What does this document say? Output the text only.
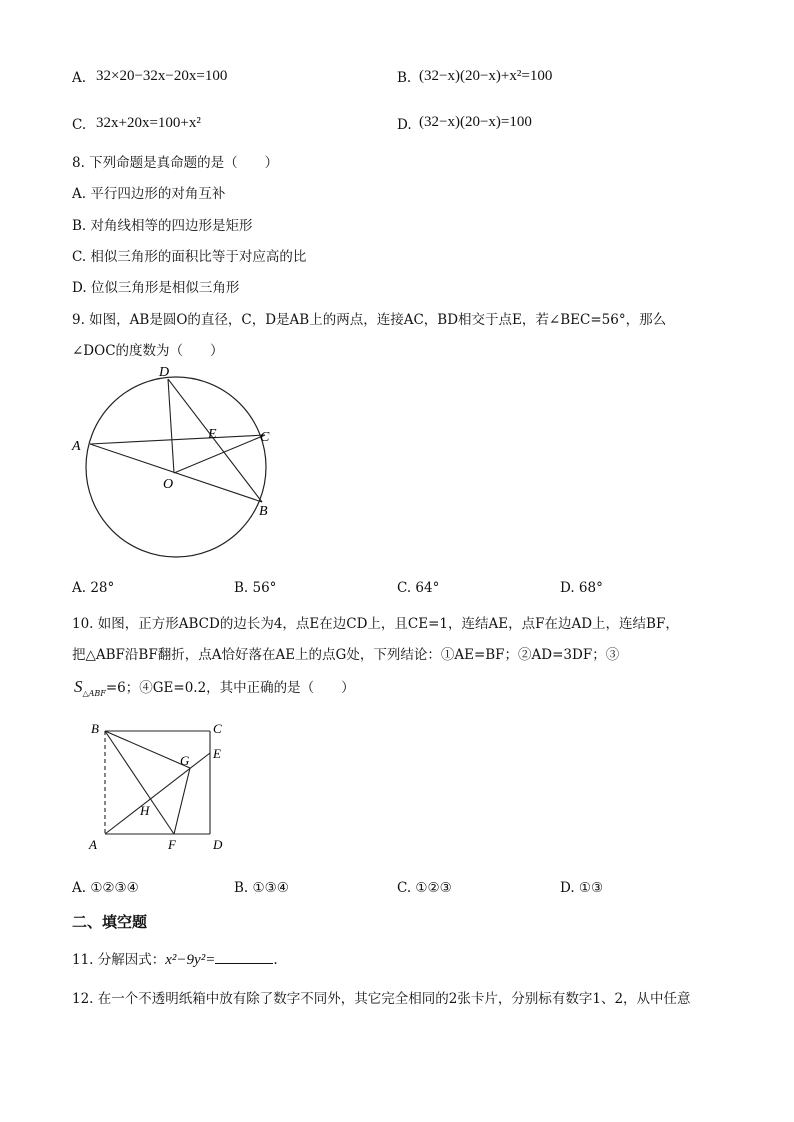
A. 32×20−32x−20x=100	B. (32−x)(20−x)+x²=100
C. 32x+20x=100+x²	D. (32−x)(20−x)=100
8. 下列命题是真命题的是（　　）
A. 平行四边形的对角互补
B. 对角线相等的四边形是矩形
C. 相似三角形的面积比等于对应高的比
D. 位似三角形是相似三角形
9. 如图，AB是圆O的直径，C，D是AB上的两点，连接AC，BD相交于点E，若∠BEC=56°，那么
∠DOC的度数为（　　）
D
A
C
E
O
B
A. 28°	B. 56°	C. 64°	D. 68°
10. 如图，正方形ABCD的边长为4，点E在边CD上，且CE=1，连结AE，点F在边AD上，连结BF，
把△ABF沿BF翻折，点A恰好落在AE上的点G处，下列结论：①AE=BF；②AD=3DF；③
$S_{\triangle ABF}=6$；④GE=0.2，其中正确的是（　　）
B	C
E
G
H
A	F	D
A. ①②③④	B. ①③④	C. ①②③	D. ①③
二、填空题
11. 分解因式：x²−9y²=	.
12. 在一个不透明纸箱中放有除了数字不同外，其它完全相同的2张卡片，分别标有数字1、2，从中任意
